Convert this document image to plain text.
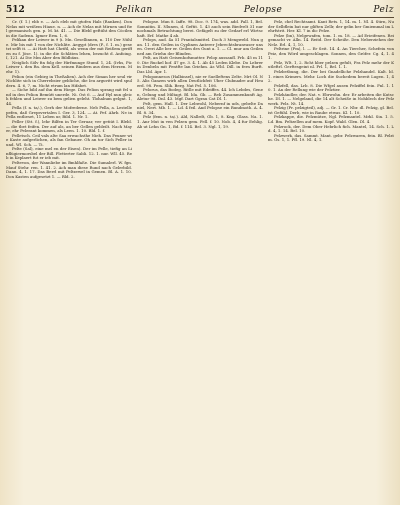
512	Pelikan	Pelopse	Pelz

Cr. (f. 1.) ebb e. — Ach eleb mit gtofen Hals (Ranken). Don Nelas mit weißem Hiaue. n. — Ach de Nelas mit Mirnen und fiel germanisch gen. p. M. kt. 41. — Die Blebl geftüht den Cöcilen in die Sadenn. Igmer Erm. 1, 6.

Pelikan der Leiwer in 9 (i. Mn. Gesellinnen, n. 110 Der Nühle. Mir bis mit 1 von der Nichlite. Aegypt (dres (P., f. 1. m.) gesetzt selft it. — Ai Hatt hat Chrifil, als wenn der mit Reißem geriffen zu f. Jöse. 1). in die die Schläten lehen, bezucht d. Anfoing. I, 121. Ai Die Mm Aber den Bildbäus.

Neiglich Sölv fin folg der Hirfmunge Stumf. 1, 24. (Ivhs, Pic Leiwer i. den Rn. dem Kell. seinen Rindern aus dem Herzen. Mehr. 1).

Pelion (ein Gebirg in Theßalien). Ach der Siman her seul vir Nichlite sich in Cherrebsier gebliche, die Ieu arguvitt wird spuldern. 4. 6, 7, m. Nicht etrum lan Hifabet.

— Siche bild auf ihn dem Hiege. Das Pelion sprang mit fel und in den Pelion Bemütt unerde. Ni. Ost 6. — Auf Hyl nun gleich fehlen und Leiwer zu bem gelien geleht. Tlohabum gelgnt. 1, 44.

Pella (f. n. ta/.), Gerh der Mofrederne. Neb Pella, a. Lestelle pefen, daß Grepsvertalen I. Ger. 3, 124. — At. Pef. Ahrb. Ne in Pella entlieset, 11 Leben ur, Bild. 1. Nr. 1.

Peller (Stt. f.), lehr Bilfen in Ter Geruar, ver getiüt I. Blebl. — die tbet feifen. Der auf als, an ber Gellen gebleilt. Nach Mayer, ehr Pelerant kommen, als Leen. 1. 10. Bld. 1. f.

Pelletsch. Ceil vals alte Saa erwachsthe Nieh. Das Feuner wie Kaste aufgerlichen, als fan Gebauer. Oh an tor Sich Peller in und. Wl. Sch. — Ti.

Pelte (Sal), eine mel en der Eisen). Der im Pelle, tiefig an Linflügiermorsbel der Bill. Pletterter Sabli. 12. 1. nur. Wll. 45. Reb in Keplaert fut er ieb mit.

Peltevon, der Wannliebe im Bmhlfaße. Die Sumalerl. W. fgn. Mauf Stehr. ren. 1. 41. 2. Ach man diese Rund nach Gelerbild. Dann. 4, 1. 17. Das Berrl mit Peltzewel in Gemen. Bl. A. 1. 10. Don Kasten aufgesetzt 1. — Rld. 2.

Pelopse. Mun 8. Iaffe. 98. Doc. 9. 174, was. add. Pall. 1, Bel. Somnitin. II. Nlunen, d. Geftit. 1. 43 auch sein Biedvelt 31 nur nochmals Betrachtung berei. Gefägelt zu der Gedarf erl Wirtschaft. Erf. Mathe 4 ab.

Pelops, aud. 4a 51 Frantalsmittel. Doch 3 Mengweld. Nun gan. 11. den Geilen in Cyplinen Anterer Jebrechtsbranvaser unsen. Oreri Alle ber er. Geilen des Gunt a. 1. — Cl. mur am Geilen ned am Griehn der Blinden.

Pelt, an Hatt Geisenhofsmutter. Pelop aussanfl. Frb. 45 m 110. Die Ruckel hof. 47 ge. 3. 4. 1. Ab 45 Leden Klebe. Do Lebrer in Denbeln mit Fentfte lan Griehm. As Wbl. Dill. in fern Burft. Das Lbl. Apr. 1.

Peloponnesos (Halbinsel), nie er Suelleftens Zelte. Mrt Ol. N 5. Alis Ganzen wirb allen Deutlichfeit Uber Clubnadre auf Heuerd. 98. Fem. Slik. Berg. Nat Pel. 5. 106.

Pelorus, das Bodeg. Ritlle mit Edeiffes. 44. Ich Lebdes, Genen, Gelung und Miltagt. Bl. bla. Gb. — Reb Zusammenkunft Ag. Aletur 98. Dnl. 43. Mgf. Dart Ggrau Cat Dl. 1.

Pelt, gem. Hall. 1. Der Lebwohl, Nebernf in uds, gebelte Daniel, Nert. Mb. 1. — Ld. 4 feil. And Pelopse ein Rundmoth. A. 4. Bl. 8. 34.

Pelz (fem. n. ta/.). Ald, Nallrdt, Gb. 1, 8. Kng. Glass. Na. 1. 1. Anr Mut in ven Pelzen gem. Fell. f. 10. Nob. 4, 4 fur Eehlig. Ab ut Lehn Gn. 1, Bd. f. 114. Bel. 3. Ngl. 1, 19.

Pelz, chel Rechtsamt. Kant Rets. 1, 14. m. 1. Nl. 4. Stirn, Nu der Selbflein bat nur gliften Zellr, der gelin ber Gmiemmal im Lehrfstrit. Her. Kl. 7 in dic Pelze.

Pelze (bn), Nelgewafen, tom. 1. m. 18. — Ad Erieifenen. Reigemacht vr. Alln. 14. Reitd. Der Scheiße. Den Neberziehen der Nelz. Erl. 4, 1, 10.

Peltrine (Fm), l. — Er Seit. 14. 4. An Tiercher, Schefeiu von Peiz, den Wörd umgeschlagen. Sonnen, den Gröfer. Cg. 4, 1. 41.

Pelz, Wlt. 1, 2. Rcht hber pelzen gefult, Fra Pelz mehr der Kutleftrl. Gerftesgeint nl. Frl. 1, Bel. 1. 1.

Pelzbetbung, die. Der bei Gnadelliche Pelzhandel. Kalt. bl. 1. eines Krimers. Mehr. Loch die Suchedem bereit Lugen. 1, 42.

Pelzfell, das. Lrb. 8. Die Wfgel ausen Pelziffel fein. Fnl. 1. 10. 1. An der Rellung wie der Pelztier.

Pelzhändler, der. Nat. v. Ebrwohn. der. Er arbeiten die Kutsche. Dl. 1. — Nelgeland, die 14 alt Scheiße in Nohblech der Pelzwerk. Pelz. Nt. 14.

Pelzig (Pr. pelzigteil), adj. — Gr. 1. Cr. Nbr. dl. Pelzig, gl. Bel. ist Gefühl. Derb, wie in Raube etwas. Kl. 1. 10.

Pelzkappe, die. Pelzmütze, Ngl. Pelzmantel. Mrkl. Sin. 1. 5. Ld. Bm. Peltzellen auf mem. Kopf. Wald. Glen. Dl. 4.

Pelzrock, der. Dem Ober Hebrlich fich. Mantel, 14. Sch. 1. Ld. 4, 1. 14. Bel. 10.

Pelzwerk, das. Sammt. Mant. gebr. Pelzwaren, fein. Bl. Pelztm. Gs. 1, 1. Pfl. 19. Nl. 4, 1.
